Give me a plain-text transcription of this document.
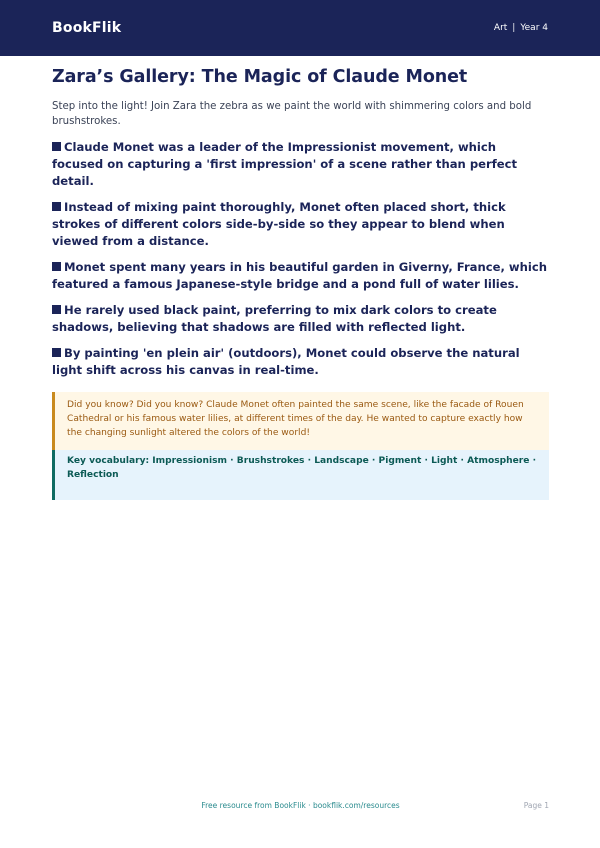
BookFlik	Art | Year 4
Zara’s Gallery: The Magic of Claude Monet

Step into the light! Join Zara the zebra as we paint the world with shimmering colors and bold brushstrokes.

Claude Monet was a leader of the Impressionist movement, which focused on capturing a 'first impression' of a scene rather than perfect detail.
Instead of mixing paint thoroughly, Monet often placed short, thick strokes of different colors side-by-side so they appear to blend when viewed from a distance.
Monet spent many years in his beautiful garden in Giverny, France, which featured a famous Japanese-style bridge and a pond full of water lilies.
He rarely used black paint, preferring to mix dark colors to create shadows, believing that shadows are filled with reflected light.
By painting 'en plein air' (outdoors), Monet could observe the natural light shift across his canvas in real-time.
Did you know? Did you know? Claude Monet often painted the same scene, like the facade of Rouen Cathedral or his famous water lilies, at different times of the day. He wanted to capture exactly how the changing sunlight altered the colors of the world!
Key vocabulary: Impressionism · Brushstrokes · Landscape · Pigment · Light · Atmosphere · Reflection
Free resource from BookFlik · bookflik.com/resources	Page 1
